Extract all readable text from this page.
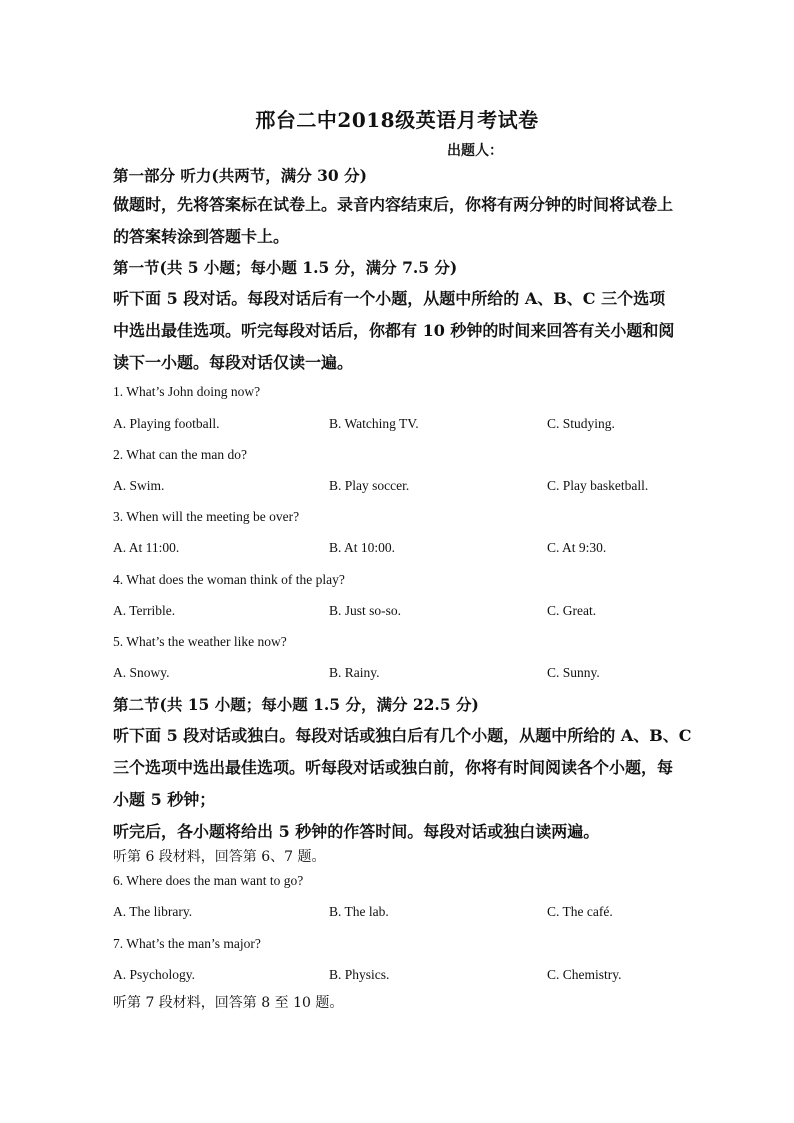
邢台二中2018级英语月考试卷
出题人：
第一部分 听力(共两节，满分 30 分)
做题时，先将答案标在试卷上。录音内容结束后，你将有两分钟的时间将试卷上
的答案转涂到答题卡上。
第一节(共 5 小题；每小题 1.5 分，满分 7.5 分)
听下面 5 段对话。每段对话后有一个小题，从题中所给的 A、B、C 三个选项
中选出最佳选项。听完每段对话后，你都有 10 秒钟的时间来回答有关小题和阅
读下一小题。每段对话仅读一遍。
1. What’s John doing now?
A. Playing football.	B. Watching TV.	C. Studying.
2. What can the man do?
A. Swim.	B. Play soccer.	C. Play basketball.
3. When will the meeting be over?
A. At 11:00.	B. At 10:00.	C. At 9:30.
4. What does the woman think of the play?
A. Terrible.	B. Just so-so.	C. Great.
5. What’s the weather like now?
A. Snowy.	B. Rainy.	C. Sunny.
第二节(共 15 小题；每小题 1.5 分，满分 22.5 分)
听下面 5 段对话或独白。每段对话或独白后有几个小题，从题中所给的 A、B、C
三个选项中选出最佳选项。听每段对话或独白前，你将有时间阅读各个小题，每
小题 5 秒钟；
听完后，各小题将给出 5 秒钟的作答时间。每段对话或独白读两遍。
听第 6 段材料，回答第 6、7 题。
6. Where does the man want to go?
A. The library.	B. The lab.	C. The café.
7. What’s the man’s major?
A. Psychology.	B. Physics.	C. Chemistry.
听第 7 段材料，回答第 8 至 10 题。
